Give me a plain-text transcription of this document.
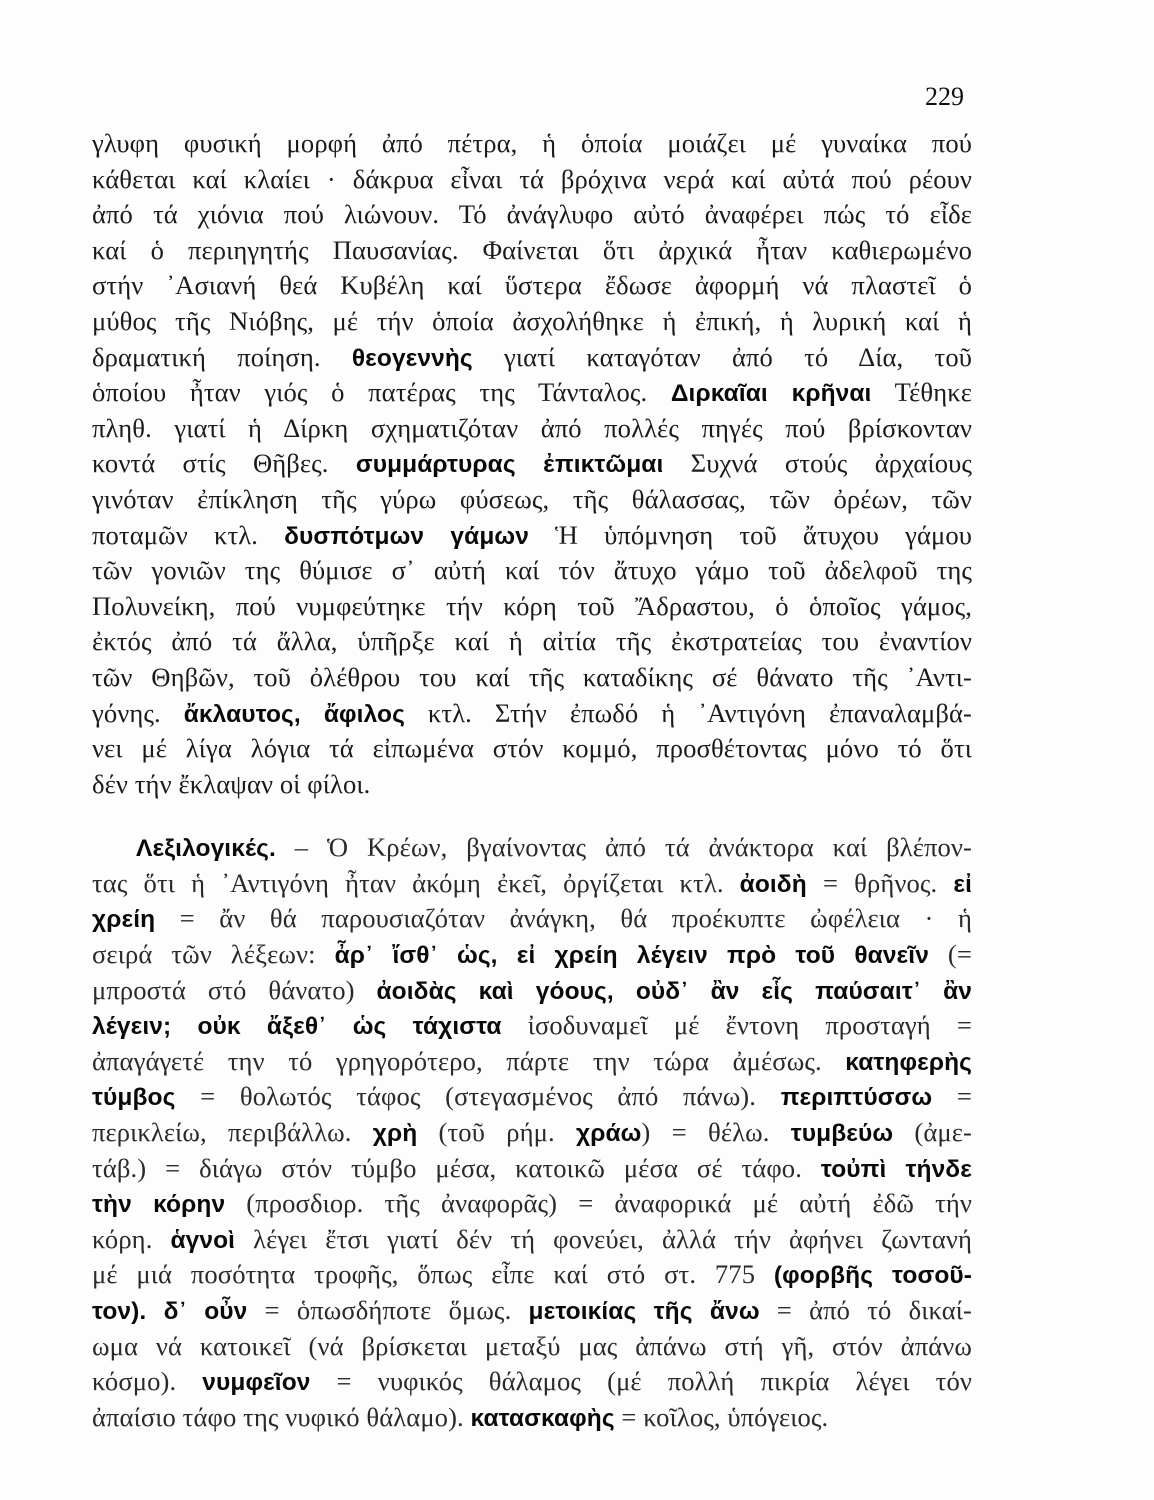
229
γλυφη φυσική μορφή ἀπό πέτρα, ἡ ὁποία μοιάζει μέ γυναίκα πού
κάθεται καί κλαίει · δάκρυα εἶναι τά βρόχινα νερά καί αὐτά πού ρέουν
ἀπό τά χιόνια πού λιώνουν. Τό ἀνάγλυφο αὐτό ἀναφέρει πώς τό εἶδε
καί ὁ περιηγητής Παυσανίας. Φαίνεται ὅτι ἀρχικά ἦταν καθιερωμένο
στήν ᾿Ασιανή θεά Κυβέλη καί ὕστερα ἔδωσε ἀφορμή νά πλαστεῖ ὁ
μύθος τῆς Νιόβης, μέ τήν ὁποία ἀσχολήθηκε ἡ ἐπική, ἡ λυρική καί ἡ
δραματική ποίηση. θεογεννὴς γιατί καταγόταν ἀπό τό Δία, τοῦ
ὁποίου ἦταν γιός ὁ πατέρας της Τάνταλος. Διρκαῖαι κρῆναι Τέθηκε
πληθ. γιατί ἡ Δίρκη σχηματιζόταν ἀπό πολλές πηγές πού βρίσκονταν
κοντά στίς Θῆβες. συμμάρτυρας ἐπικτῶμαι Συχνά στούς ἀρχαίους
γινόταν ἐπίκληση τῆς γύρω φύσεως, τῆς θάλασσας, τῶν ὀρέων, τῶν
ποταμῶν κτλ. δυσπότμων γάμων Ἡ ὑπόμνηση τοῦ ἄτυχου γάμου
τῶν γονιῶν της θύμισε σ᾿ αὐτή καί τόν ἄτυχο γάμο τοῦ ἀδελφοῦ της
Πολυνείκη, πού νυμφεύτηκε τήν κόρη τοῦ Ἄδραστου, ὁ ὁποῖος γάμος,
ἐκτός ἀπό τά ἄλλα, ὑπῆρξε καί ἡ αἰτία τῆς ἐκστρατείας του ἐναντίον
τῶν Θηβῶν, τοῦ ὀλέθρου του καί τῆς καταδίκης σέ θάνατο τῆς ᾿Αντι-
γόνης. ἄκλαυτος, ἄφιλος κτλ. Στήν ἐπωδό ἡ ᾿Αντιγόνη ἐπαναλαμβά-
νει μέ λίγα λόγια τά εἰπωμένα στόν κομμό, προσθέτοντας μόνο τό ὅτι
δέν τήν ἔκλαψαν οἱ φίλοι.
Λεξιλογικές. – Ὁ Κρέων, βγαίνοντας ἀπό τά ἀνάκτορα καί βλέπον-
τας ὅτι ἡ ᾿Αντιγόνη ἦταν ἀκόμη ἐκεῖ, ὀργίζεται κτλ. ἀοιδὴ = θρῆνος. εἰ
χρείη = ἄν θά παρουσιαζόταν ἀνάγκη, θά προέκυπτε ὠφέλεια · ἡ
σειρά τῶν λέξεων: ἆρ᾿ ἴσθ᾿ ὡς, εἰ χρείη λέγειν πρὸ τοῦ θανεῖν (=
μπροστά στό θάνατο) ἀοιδὰς καὶ γόους, οὐδ᾿ ἂν εἷς παύσαιτ᾿ ἂν
λέγειν; οὐκ ἄξεθ᾿ ὡς τάχιστα ἰσοδυναμεῖ μέ ἔντονη προσταγή =
ἀπαγάγετέ την τό γρηγορότερο, πάρτε την τώρα ἀμέσως. κατηφερὴς
τύμβος = θολωτός τάφος (στεγασμένος ἀπό πάνω). περιπτύσσω =
περικλείω, περιβάλλω. χρὴ (τοῦ ρήμ. χράω) = θέλω. τυμβεύω (ἀμε-
τάβ.) = διάγω στόν τύμβο μέσα, κατοικῶ μέσα σέ τάφο. τοὐπὶ τήνδε
τὴν κόρην (προσδιορ. τῆς ἀναφορᾶς) = ἀναφορικά μέ αὐτή ἐδῶ τήν
κόρη. ἁγνοὶ λέγει ἔτσι γιατί δέν τή φονεύει, ἀλλά τήν ἀφήνει ζωντανή
μέ μιά ποσότητα τροφῆς, ὅπως εἶπε καί στό στ. 775 (φορβῆς τοσοῦ-
τον). δ᾿ οὖν = ὁπωσδήποτε ὅμως. μετοικίας τῆς ἄνω = ἀπό τό δικαί-
ωμα νά κατοικεῖ (νά βρίσκεται μεταξύ μας ἀπάνω στή γῆ, στόν ἀπάνω
κόσμο). νυμφεῖον = νυφικός θάλαμος (μέ πολλή πικρία λέγει τόν
ἀπαίσιο τάφο της νυφικό θάλαμο). κατασκαφὴς = κοῖλος, ὑπόγειος.
